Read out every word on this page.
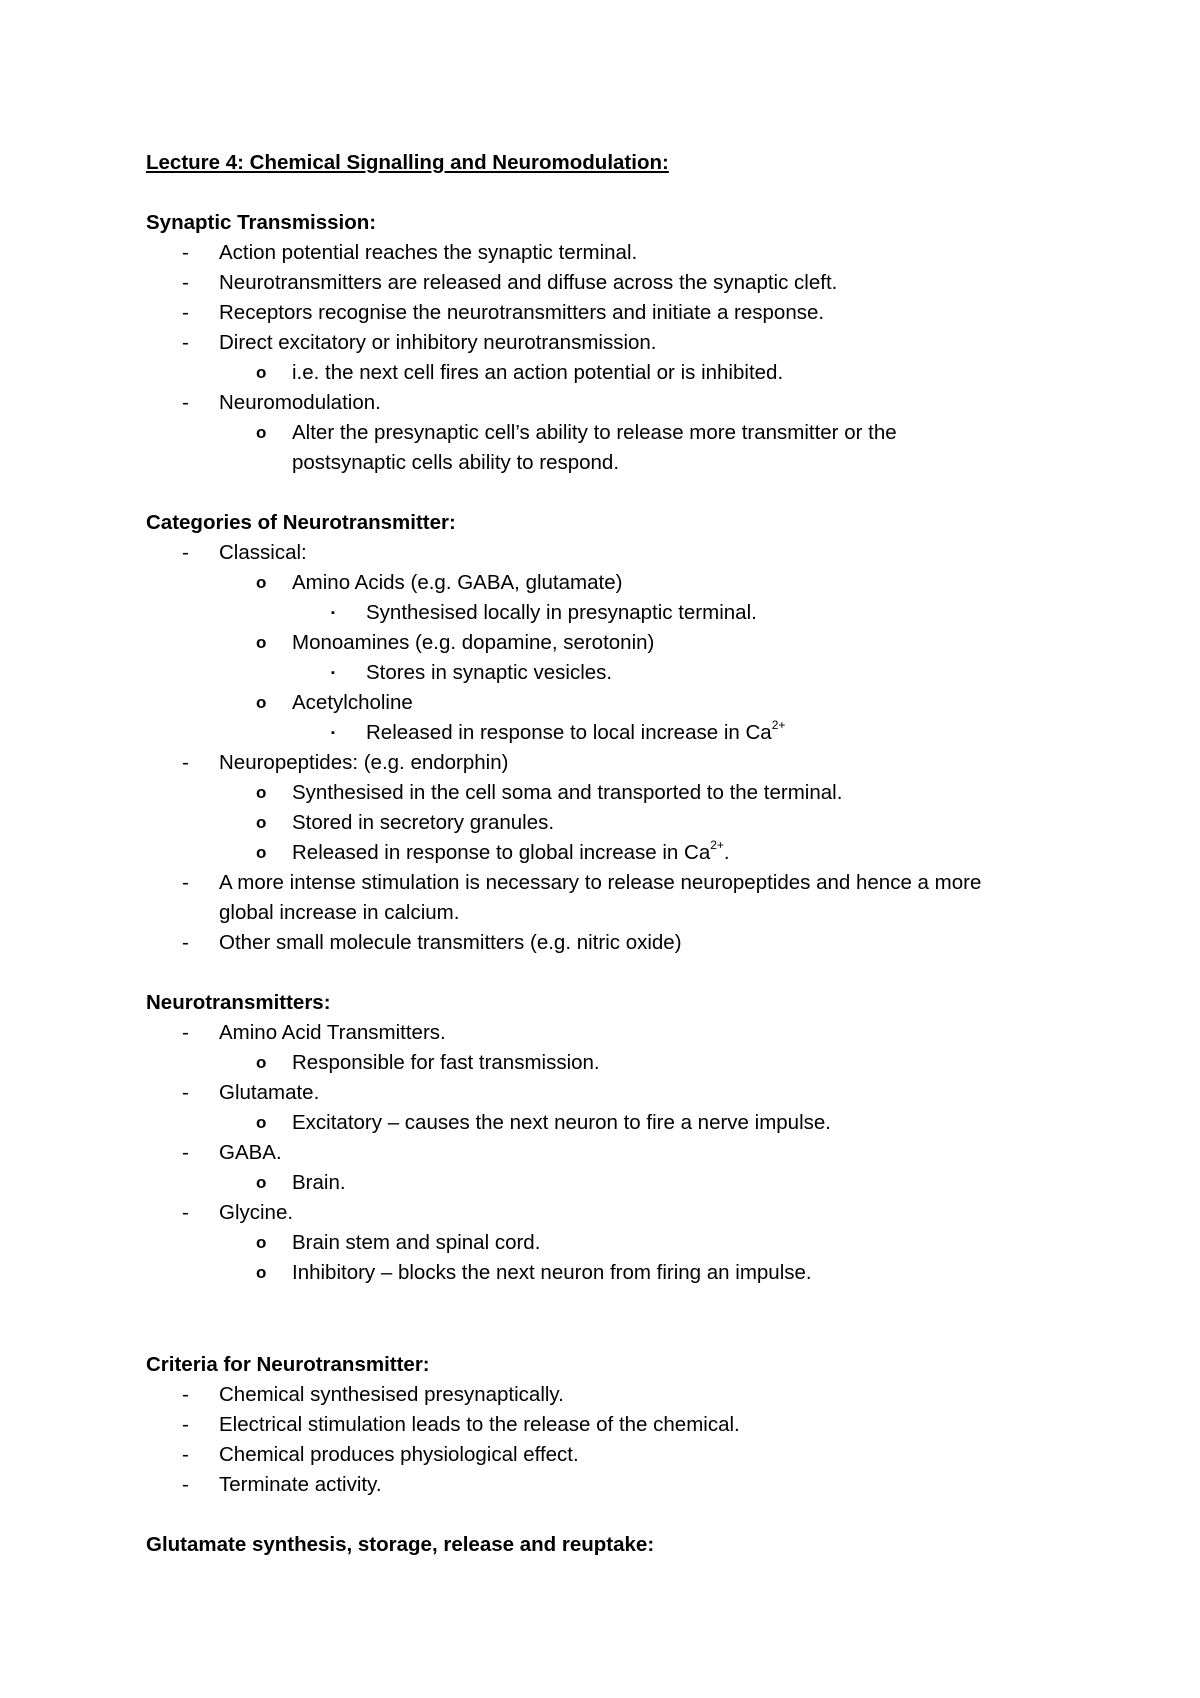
Lecture 4: Chemical Signalling and Neuromodulation:
Synaptic Transmission:
- Action potential reaches the synaptic terminal.
- Neurotransmitters are released and diffuse across the synaptic cleft.
- Receptors recognise the neurotransmitters and initiate a response.
- Direct excitatory or inhibitory neurotransmission.
o i.e. the next cell fires an action potential or is inhibited.
- Neuromodulation.
o Alter the presynaptic cell’s ability to release more transmitter or the
postsynaptic cells ability to respond.
Categories of Neurotransmitter:
- Classical:
o Amino Acids (e.g. GABA, glutamate)
▪ Synthesised locally in presynaptic terminal.
o Monoamines (e.g. dopamine, serotonin)
▪ Stores in synaptic vesicles.
o Acetylcholine
▪ Released in response to local increase in $Ca^{2+}$
- Neuropeptides: (e.g. endorphin)
o Synthesised in the cell soma and transported to the terminal.
o Stored in secretory granules.
o Released in response to global increase in $Ca^{2+}$.
- A more intense stimulation is necessary to release neuropeptides and hence a more
global increase in calcium.
- Other small molecule transmitters (e.g. nitric oxide)
Neurotransmitters:
- Amino Acid Transmitters.
o Responsible for fast transmission.
- Glutamate.
o Excitatory – causes the next neuron to fire a nerve impulse.
- GABA.
o Brain.
- Glycine.
o Brain stem and spinal cord.
o Inhibitory – blocks the next neuron from firing an impulse.
Criteria for Neurotransmitter:
- Chemical synthesised presynaptically.
- Electrical stimulation leads to the release of the chemical.
- Chemical produces physiological effect.
- Terminate activity.
Glutamate synthesis, storage, release and reuptake:
